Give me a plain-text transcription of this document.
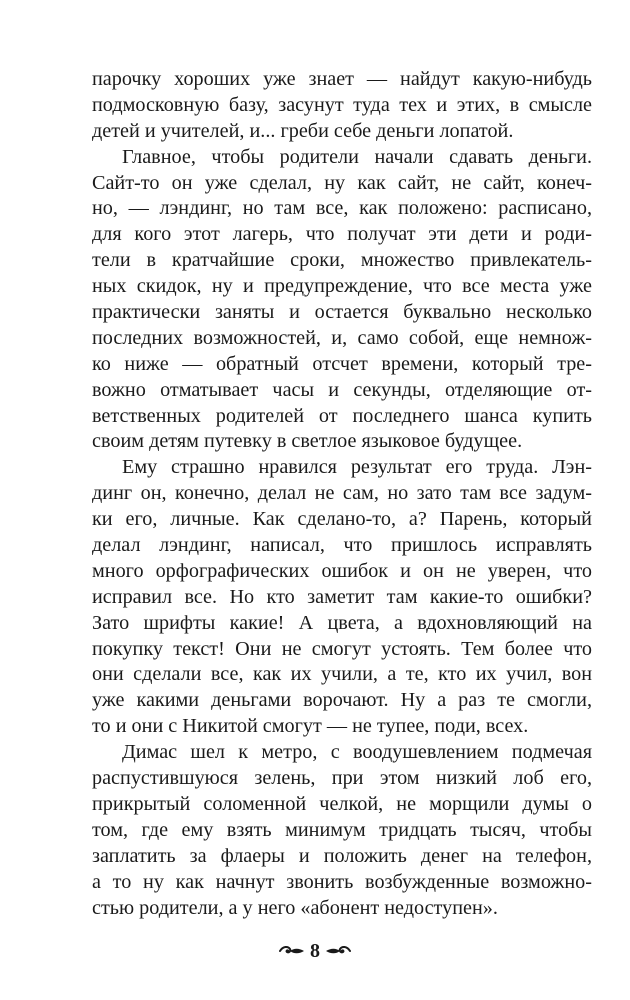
парочку хороших уже знает — найдут какую-нибудь
подмосковную базу, засунут туда тех и этих, в смысле
детей и учителей, и... греби себе деньги лопатой.
Главное, чтобы родители начали сдавать деньги.
Сайт-то он уже сделал, ну как сайт, не сайт, конеч-
но, — лэндинг, но там все, как положено: расписано,
для кого этот лагерь, что получат эти дети и роди-
тели в кратчайшие сроки, множество привлекатель-
ных скидок, ну и предупреждение, что все места уже
практически заняты и остается буквально несколько
последних возможностей, и, само собой, еще немнож-
ко ниже — обратный отсчет времени, который тре-
вожно отматывает часы и секунды, отделяющие от-
ветственных родителей от последнего шанса купить
своим детям путевку в светлое языковое будущее.
Ему страшно нравился результат его труда. Лэн-
динг он, конечно, делал не сам, но зато там все задум-
ки его, личные. Как сделано-то, а? Парень, который
делал лэндинг, написал, что пришлось исправлять
много орфографических ошибок и он не уверен, что
исправил все. Но кто заметит там какие-то ошибки?
Зато шрифты какие! А цвета, а вдохновляющий на
покупку текст! Они не смогут устоять. Тем более что
они сделали все, как их учили, а те, кто их учил, вон
уже какими деньгами ворочают. Ну а раз те смогли,
то и они с Никитой смогут — не тупее, поди, всех.
Димас шел к метро, с воодушевлением подмечая
распустившуюся зелень, при этом низкий лоб его,
прикрытый соломенной челкой, не морщили думы о
том, где ему взять минимум тридцать тысяч, чтобы
заплатить за флаеры и положить денег на телефон,
а то ну как начнут звонить возбужденные возможно-
стью родители, а у него «абонент недоступен».
8
